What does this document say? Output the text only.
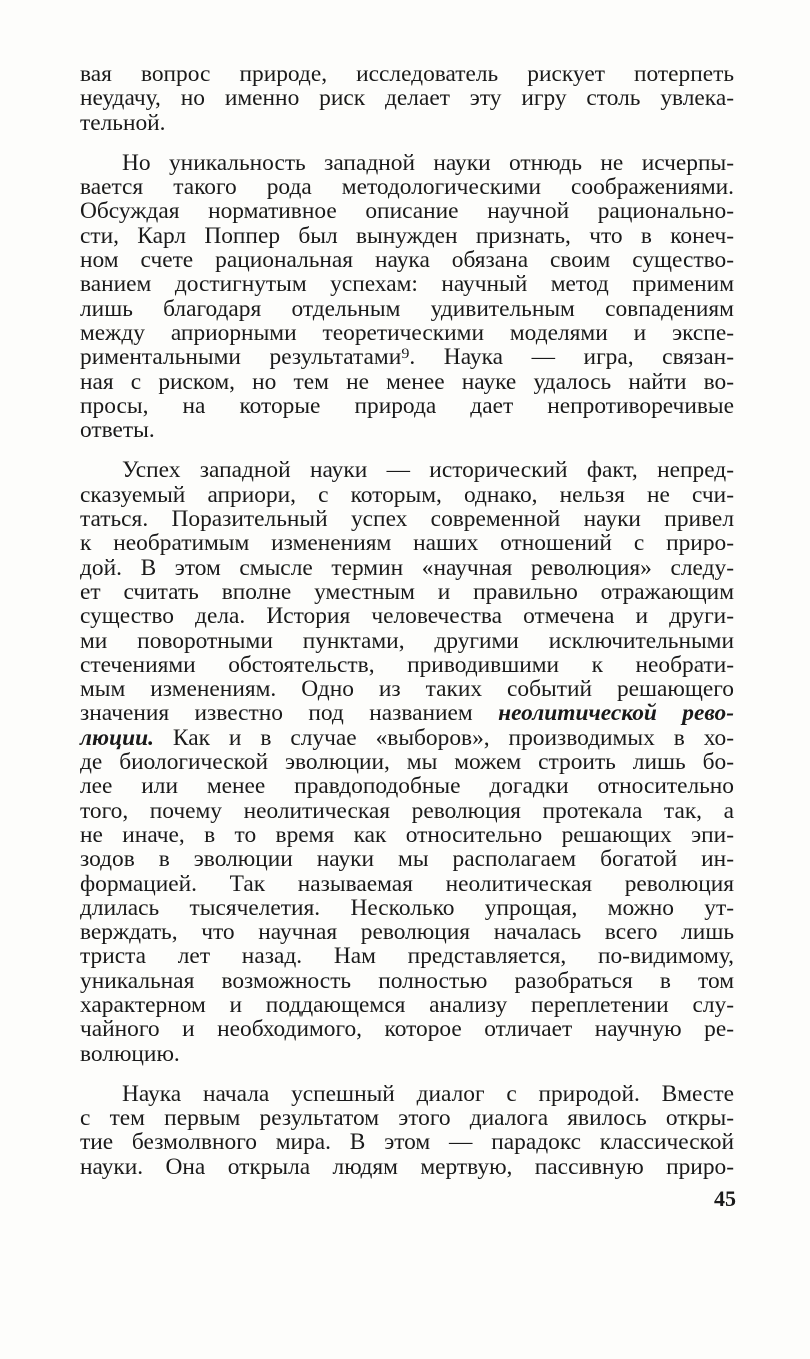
вая вопрос природе, исследователь рискует потерпеть
неудачу, но именно риск делает эту игру столь увлека-
тельной.

Но уникальность западной науки отнюдь не исчерпы-
вается такого рода методологическими соображениями.
Обсуждая нормативное описание научной рационально-
сти, Карл Поппер был вынужден признать, что в конеч-
ном счете рациональная наука обязана своим существо-
ванием достигнутым успехам: научный метод применим
лишь благодаря отдельным удивительным совпадениям
между априорными теоретическими моделями и экспе-
риментальными результатами⁹. Наука — игра, связан-
ная с риском, но тем не менее науке удалось найти во-
просы, на которые природа дает непротиворечивые
ответы.

Успех западной науки — исторический факт, непред-
сказуемый априори, с которым, однако, нельзя не счи-
таться. Поразительный успех современной науки привел
к необратимым изменениям наших отношений с приро-
дой. В этом смысле термин «научная революция» следу-
ет считать вполне уместным и правильно отражающим
существо дела. История человечества отмечена и други-
ми поворотными пунктами, другими исключительными
стечениями обстоятельств, приводившими к необрати-
мым изменениям. Одно из таких событий решающего
значения известно под названием неолитической рево-
люции. Как и в случае «выборов», производимых в хо-
де биологической эволюции, мы можем строить лишь бо-
лее или менее правдоподобные догадки относительно
того, почему неолитическая революция протекала так, а
не иначе, в то время как относительно решающих эпи-
зодов в эволюции науки мы располагаем богатой ин-
формацией. Так называемая неолитическая революция
длилась тысячелетия. Несколько упрощая, можно ут-
верждать, что научная революция началась всего лишь
триста лет назад. Нам представляется, по-видимому,
уникальная возможность полностью разобраться в том
характерном и поддающемся анализу переплетении слу-
чайного и необходимого, которое отличает научную ре-
волюцию.

Наука начала успешный диалог с природой. Вместе
с тем первым результатом этого диалога явилось откры-
тие безмолвного мира. В этом — парадокс классической
науки. Она открыла людям мертвую, пассивную приро-

45
